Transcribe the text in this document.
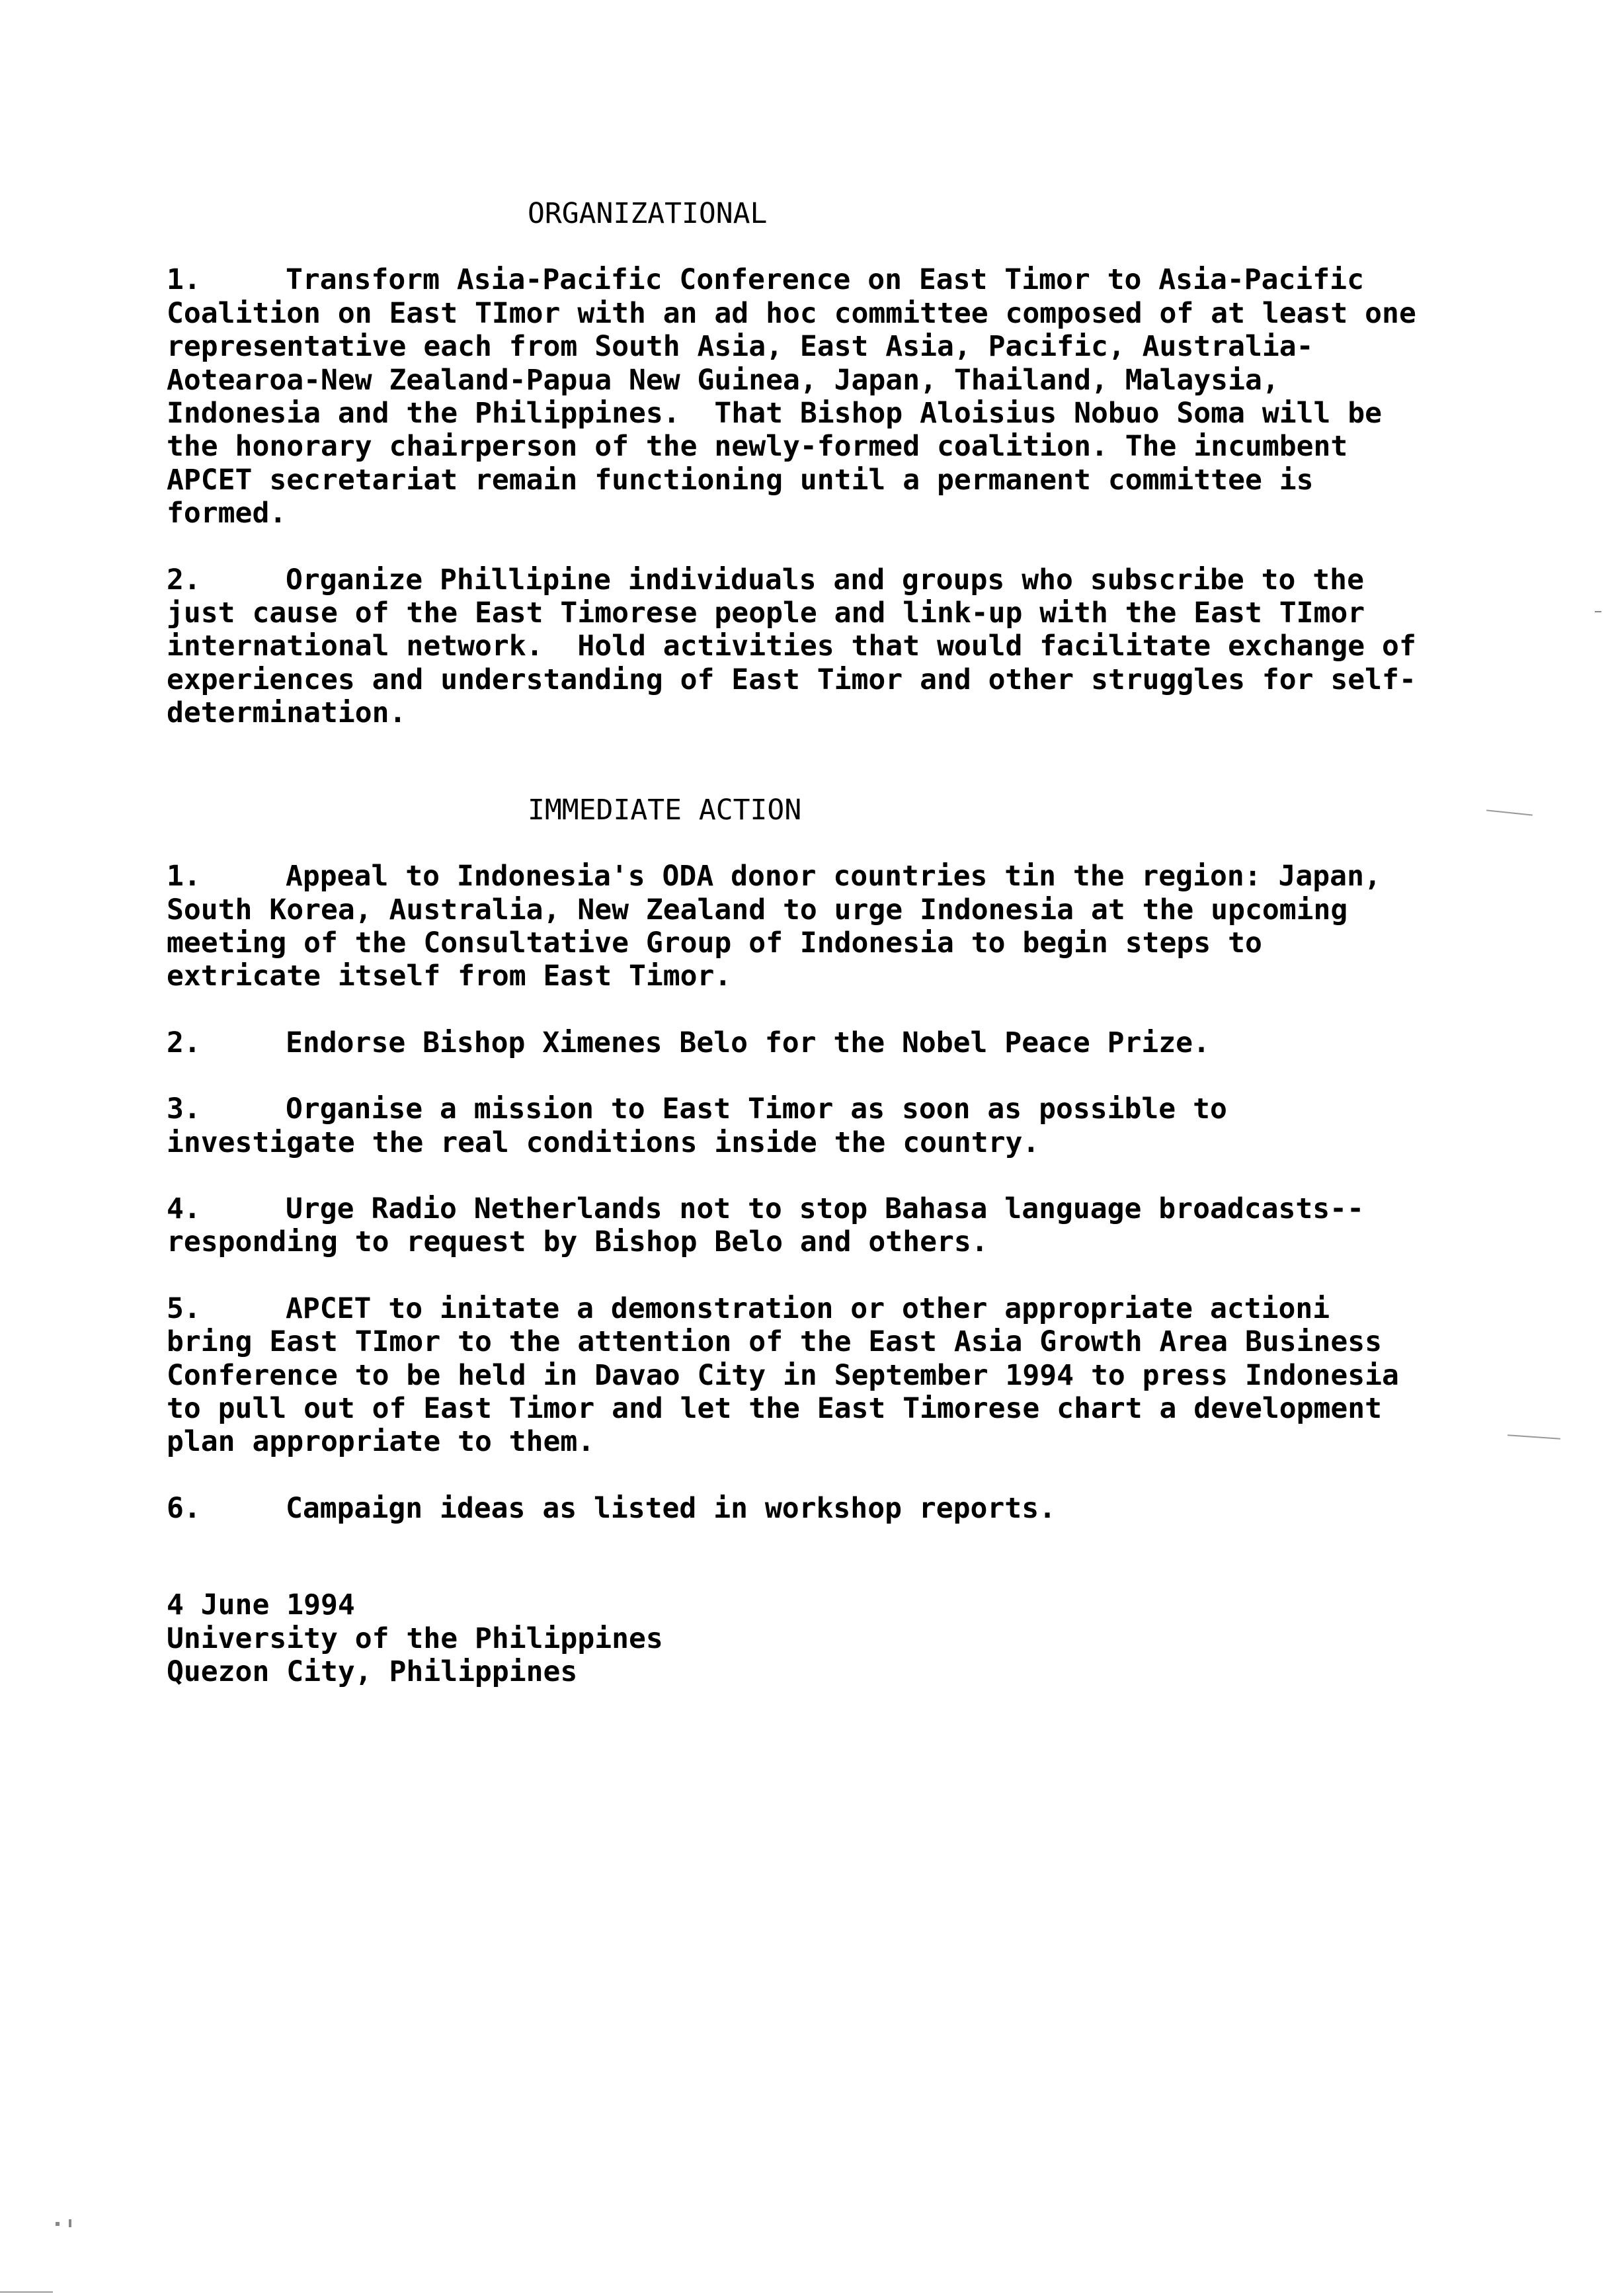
ORGANIZATIONAL

1.	Transform Asia-Pacific Conference on East Timor to Asia-Pacific Coalition on East TImor with an ad hoc committee composed of at least one representative each from South Asia, East Asia, Pacific, Australia- Aotearoa-New Zealand-Papua New Guinea, Japan, Thailand, Malaysia, Indonesia and the Philippines.  That Bishop Aloisius Nobuo Soma will be the honorary chairperson of the newly-formed coalition. The incumbent APCET secretariat remain functioning until a permanent committee is formed.

2.	Organize Phillipine individuals and groups who subscribe to the just cause of the East Timorese people and link-up with the East TImor international network.  Hold activities that would facilitate exchange of experiences and understanding of East Timor and other struggles for self-determination.

IMMEDIATE ACTION

1.	Appeal to Indonesia's ODA donor countries tin the region: Japan, South Korea, Australia, New Zealand to urge Indonesia at the upcoming meeting of the Consultative Group of Indonesia to begin steps to extricate itself from East Timor.

2.	Endorse Bishop Ximenes Belo for the Nobel Peace Prize.

3.	Organise a mission to East Timor as soon as possible to investigate the real conditions inside the country.

4.	Urge Radio Netherlands not to stop Bahasa language broadcasts--responding to request by Bishop Belo and others.

5.	APCET to initate a demonstration or other appropriate actioni bring East TImor to the attention of the East Asia Growth Area Business Conference to be held in Davao City in September 1994 to press Indonesia to pull out of East Timor and let the East Timorese chart a development plan appropriate to them.

6.	Campaign ideas as listed in workshop reports.

4 June 1994
University of the Philippines
Quezon City, Philippines
